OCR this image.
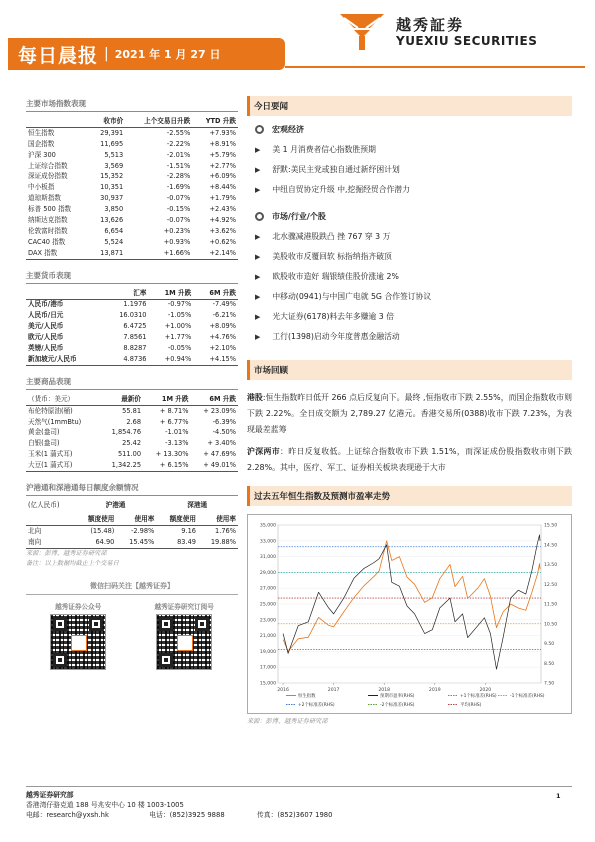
每日晨报 | 2021 年 1 月 27 日
越秀証劵
YUEXIU SECURITIES
主要市场指数表现
	收市价	上个交易日升跌	YTD 升跌
恒生指数	29,391	-2.55%	+7.93%
国企指数	11,695	-2.22%	+8.91%
沪深 300	5,513	-2.01%	+5.79%
上证综合指数	3,569	-1.51%	+2.77%
深证成份指数	15,352	-2.28%	+6.09%
中小板指	10,351	-1.69%	+8.44%
道琼斯指数	30,937	-0.07%	+1.79%
标普 500 指数	3,850	-0.15%	+2.43%
纳斯达克指数	13,626	-0.07%	+4.92%
伦敦富时指数	6,654	+0.23%	+3.62%
CAC40 指数	5,524	+0.93%	+0.62%
DAX 指数	13,871	+1.66%	+2.14%
主要货币表现
	汇率	1M 升跌	6M 升跌
人民币/港币	1.1976	-0.97%	-7.49%
人民币/日元	16.0310	-1.05%	-6.21%
美元/人民币	6.4725	+1.00%	+8.09%
欧元/人民币	7.8561	+1.77%	+4.76%
英镑/人民币	8.8287	-0.05%	+2.10%
新加坡元/人民币	4.8736	+0.94%	+4.15%
主要商品表现
（货币：美元）	最新价	1M 升跌	6M 升跌
布伦特原油(桶)	55.81	+ 8.71%	+ 23.09%
天然气(1mmBtu)	2.68	+ 6.77%	-6.39%
黄金(盎司)	1,854.76	-1.01%	-4.50%
白银(盎司)	25.42	-3.13%	+ 3.40%
玉米(1 蒲式耳)	511.00	+ 13.30%	+ 47.69%
大豆(1 蒲式耳)	1,342.25	+ 6.15%	+ 49.01%
沪港通和深港通每日额度余额情况
(亿人民币)	沪港通		深港通	
	额度使用	使用率	额度使用	使用率
北向	(15.48)	-2.98%	9.16	1.76%
南向	64.90	15.45%	83.49	19.88%
来源：彭博、越秀证券研究部
备注：以上数据均截止上个交易日
微信扫码关注【越秀证券】
越秀证券公众号	越秀证券研究订阅号
今日要闻
宏观经济
▶ 美 1 月消费者信心指数胜预期
▶ 舒默:美民主党或独自通过新纾困计划
▶ 中纽自贸协定升级 中,挖掘经贸合作潜力
市场/行业/个股
▶ 北水骤减港股跌凸 挫 767 穿 3 万
▶ 美股收市反覆回软 标指纳指齐破顶
▶ 欧股收市造好 瑞银绩佳股价涨逾 2%
▶ 中移动(0941)与中国广电就 5G 合作签订协议
▶ 光大证券(6178)料去年多赚逾 3 倍
▶ 工行(1398)启动今年度普惠金融活动
市场回顾
港股:恒生指数昨日低开 266 点后反复向下。最终 ,恒指收市下跌 2.55%，而国企指数收市则下跌 2.22%。全日成交额为 2,789.27 亿港元。香港交易所(0388)收市下跌 7.23%，为表现最差蓝筹
沪深两市：昨日反复收低。上证综合指数收市下跌 1.51%，而深证成份股指数收市则下跌 2.28%。其中，医疗、军工、证券相关板块表现逊于大市
过去五年恒生指数及预测市盈率走势
15,000
17,000
19,000
21,000
23,000
25,000
27,000
29,000
31,000
33,000
35,000
7.50
8.50
9.50
10.50
11.50
12.50
13.50
14.50
15.50
2016	2017	2018	2019	2020
恒生指数	预期市盈率(RHS)	+1个标准差(RHS)	-1个标准差(RHS)
+2个标准差(RHS)	-2个标准差(RHS)	平均(RHS)
来源：彭博、越秀证券研究部
越秀证券研究部
香港湾仔骆克道 188 号兆安中心 10 楼 1003-1005
电邮：research@yxsh.hk	电话：(852)3925 9888	传真：(852)3607 1980
1
